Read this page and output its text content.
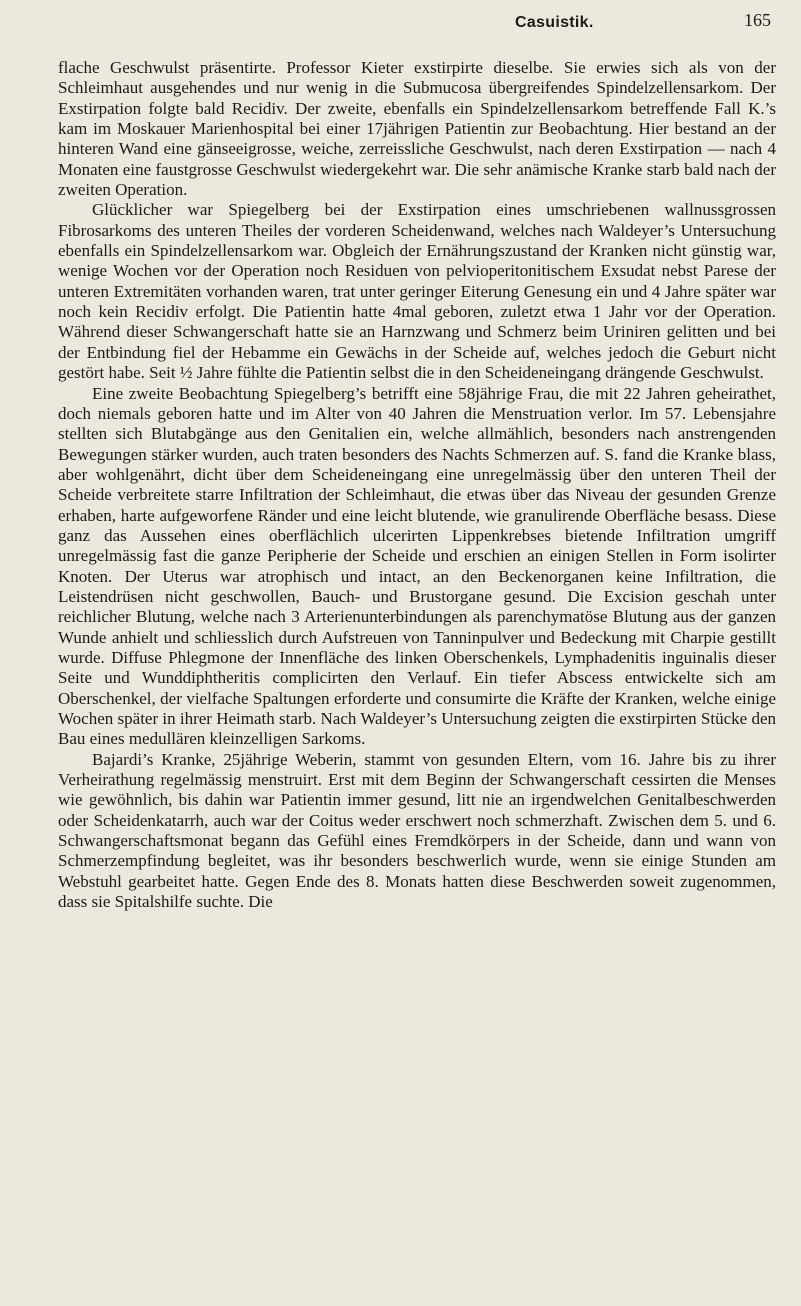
Casuistik.	165

flache Geschwulst präsentirte. Professor Kieter exstirpirte dieselbe. Sie erwies sich als von der Schleimhaut ausgehendes und nur wenig in die Submucosa übergreifendes Spindelzellensarkom. Der Exstirpation folgte bald Recidiv. Der zweite, ebenfalls ein Spindelzellensarkom betreffende Fall K.’s kam im Moskauer Marienhospital bei einer 17jährigen Patientin zur Beobachtung. Hier bestand an der hinteren Wand eine gänseeigrosse, weiche, zerreissliche Geschwulst, nach deren Exstirpation — nach 4 Monaten eine faustgrosse Geschwulst wiedergekehrt war. Die sehr anämische Kranke starb bald nach der zweiten Operation.

Glücklicher war Spiegelberg bei der Exstirpation eines umschriebenen wallnussgrossen Fibrosarkoms des unteren Theiles der vorderen Scheidenwand, welches nach Waldeyer’s Untersuchung ebenfalls ein Spindelzellensarkom war. Obgleich der Ernährungszustand der Kranken nicht günstig war, wenige Wochen vor der Operation noch Residuen von pelvioperitonitischem Exsudat nebst Parese der unteren Extremitäten vorhanden waren, trat unter geringer Eiterung Genesung ein und 4 Jahre später war noch kein Recidiv erfolgt. Die Patientin hatte 4mal geboren, zuletzt etwa 1 Jahr vor der Operation. Während dieser Schwangerschaft hatte sie an Harnzwang und Schmerz beim Uriniren gelitten und bei der Entbindung fiel der Hebamme ein Gewächs in der Scheide auf, welches jedoch die Geburt nicht gestört habe. Seit ½ Jahre fühlte die Patientin selbst die in den Scheideneingang drängende Geschwulst.

Eine zweite Beobachtung Spiegelberg’s betrifft eine 58jährige Frau, die mit 22 Jahren geheirathet, doch niemals geboren hatte und im Alter von 40 Jahren die Menstruation verlor. Im 57. Lebensjahre stellten sich Blutabgänge aus den Genitalien ein, welche allmählich, besonders nach anstrengenden Bewegungen stärker wurden, auch traten besonders des Nachts Schmerzen auf. S. fand die Kranke blass, aber wohlgenährt, dicht über dem Scheideneingang eine unregelmässig über den unteren Theil der Scheide verbreitete starre Infiltration der Schleimhaut, die etwas über das Niveau der gesunden Grenze erhaben, harte aufgeworfene Ränder und eine leicht blutende, wie granulirende Oberfläche besass. Diese ganz das Aussehen eines oberflächlich ulcerirten Lippenkrebses bietende Infiltration umgriff unregelmässig fast die ganze Peripherie der Scheide und erschien an einigen Stellen in Form isolirter Knoten. Der Uterus war atrophisch und intact, an den Beckenorganen keine Infiltration, die Leistendrüsen nicht geschwollen, Bauch- und Brustorgane gesund. Die Excision geschah unter reichlicher Blutung, welche nach 3 Arterienunterbindungen als parenchymatöse Blutung aus der ganzen Wunde anhielt und schliesslich durch Aufstreuen von Tanninpulver und Bedeckung mit Charpie gestillt wurde. Diffuse Phlegmone der Innenfläche des linken Oberschenkels, Lymphadenitis inguinalis dieser Seite und Wunddiphtheritis complicirten den Verlauf. Ein tiefer Abscess entwickelte sich am Oberschenkel, der vielfache Spaltungen erforderte und consumirte die Kräfte der Kranken, welche einige Wochen später in ihrer Heimath starb. Nach Waldeyer’s Untersuchung zeigten die exstirpirten Stücke den Bau eines medullären kleinzelligen Sarkoms.

Bajardi’s Kranke, 25jährige Weberin, stammt von gesunden Eltern, vom 16. Jahre bis zu ihrer Verheirathung regelmässig menstruirt. Erst mit dem Beginn der Schwangerschaft cessirten die Menses wie gewöhnlich, bis dahin war Patientin immer gesund, litt nie an irgendwelchen Genitalbeschwerden oder Scheidenkatarrh, auch war der Coitus weder erschwert noch schmerzhaft. Zwischen dem 5. und 6. Schwangerschaftsmonat begann das Gefühl eines Fremdkörpers in der Scheide, dann und wann von Schmerzempfindung begleitet, was ihr besonders beschwerlich wurde, wenn sie einige Stunden am Webstuhl gearbeitet hatte. Gegen Ende des 8. Monats hatten diese Beschwerden soweit zugenommen, dass sie Spitalshilfe suchte. Die
